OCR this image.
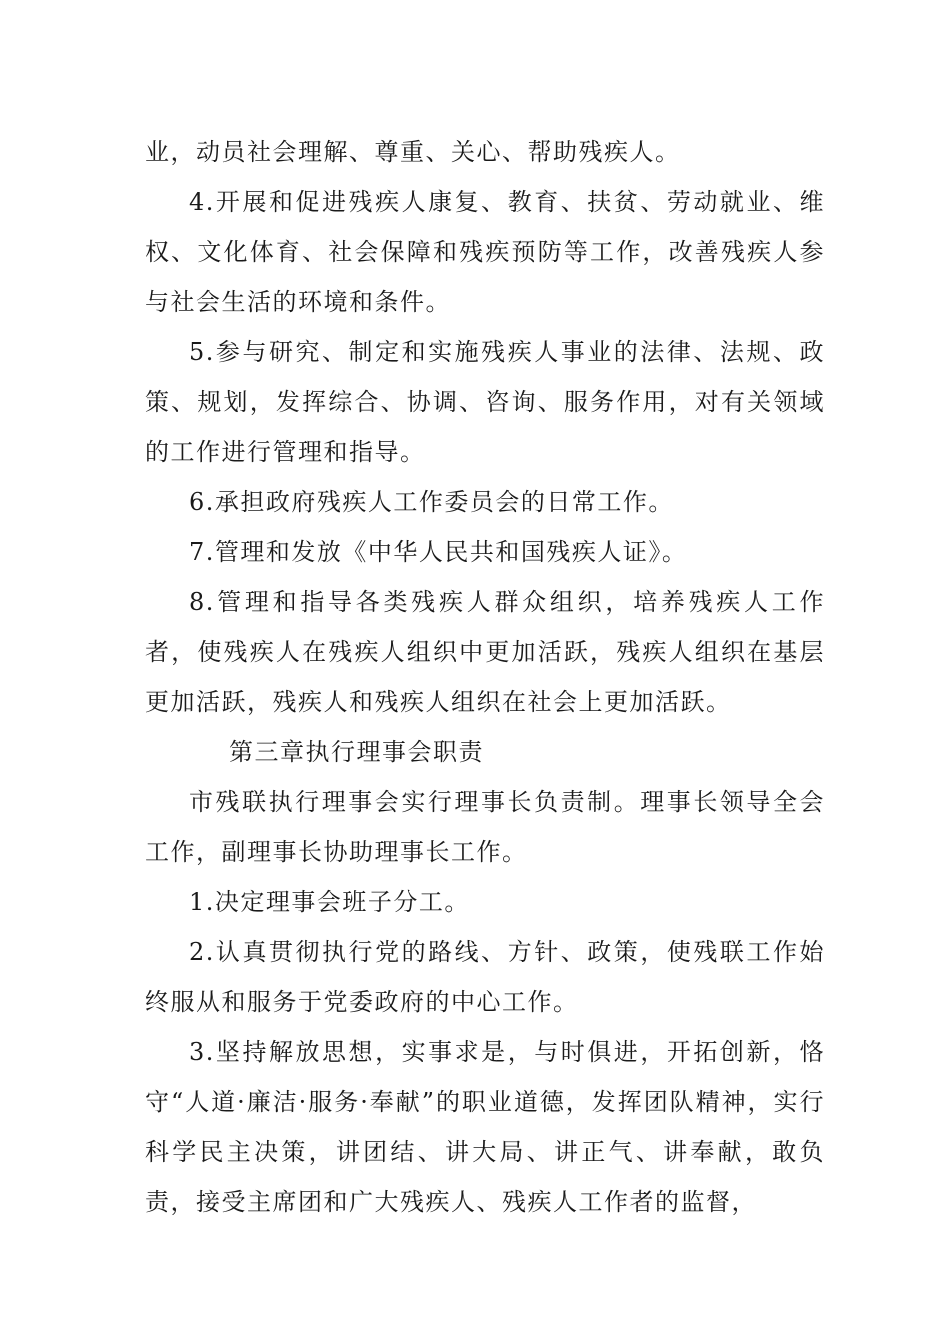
业，动员社会理解、尊重、关心、帮助残疾人。

4.开展和促进残疾人康复、教育、扶贫、劳动就业、维权、文化体育、社会保障和残疾预防等工作，改善残疾人参与社会生活的环境和条件。

5.参与研究、制定和实施残疾人事业的法律、法规、政策、规划，发挥综合、协调、咨询、服务作用，对有关领域的工作进行管理和指导。

6.承担政府残疾人工作委员会的日常工作。

7.管理和发放《中华人民共和国残疾人证》。

8.管理和指导各类残疾人群众组织，培养残疾人工作者，使残疾人在残疾人组织中更加活跃，残疾人组织在基层更加活跃，残疾人和残疾人组织在社会上更加活跃。

第三章执行理事会职责

市残联执行理事会实行理事长负责制。理事长领导全会工作，副理事长协助理事长工作。

1.决定理事会班子分工。

2.认真贯彻执行党的路线、方针、政策，使残联工作始终服从和服务于党委政府的中心工作。

3.坚持解放思想，实事求是，与时俱进，开拓创新，恪守“人道·廉洁·服务·奉献”的职业道德，发挥团队精神，实行科学民主决策，讲团结、讲大局、讲正气、讲奉献，敢负责，接受主席团和广大残疾人、残疾人工作者的监督，
